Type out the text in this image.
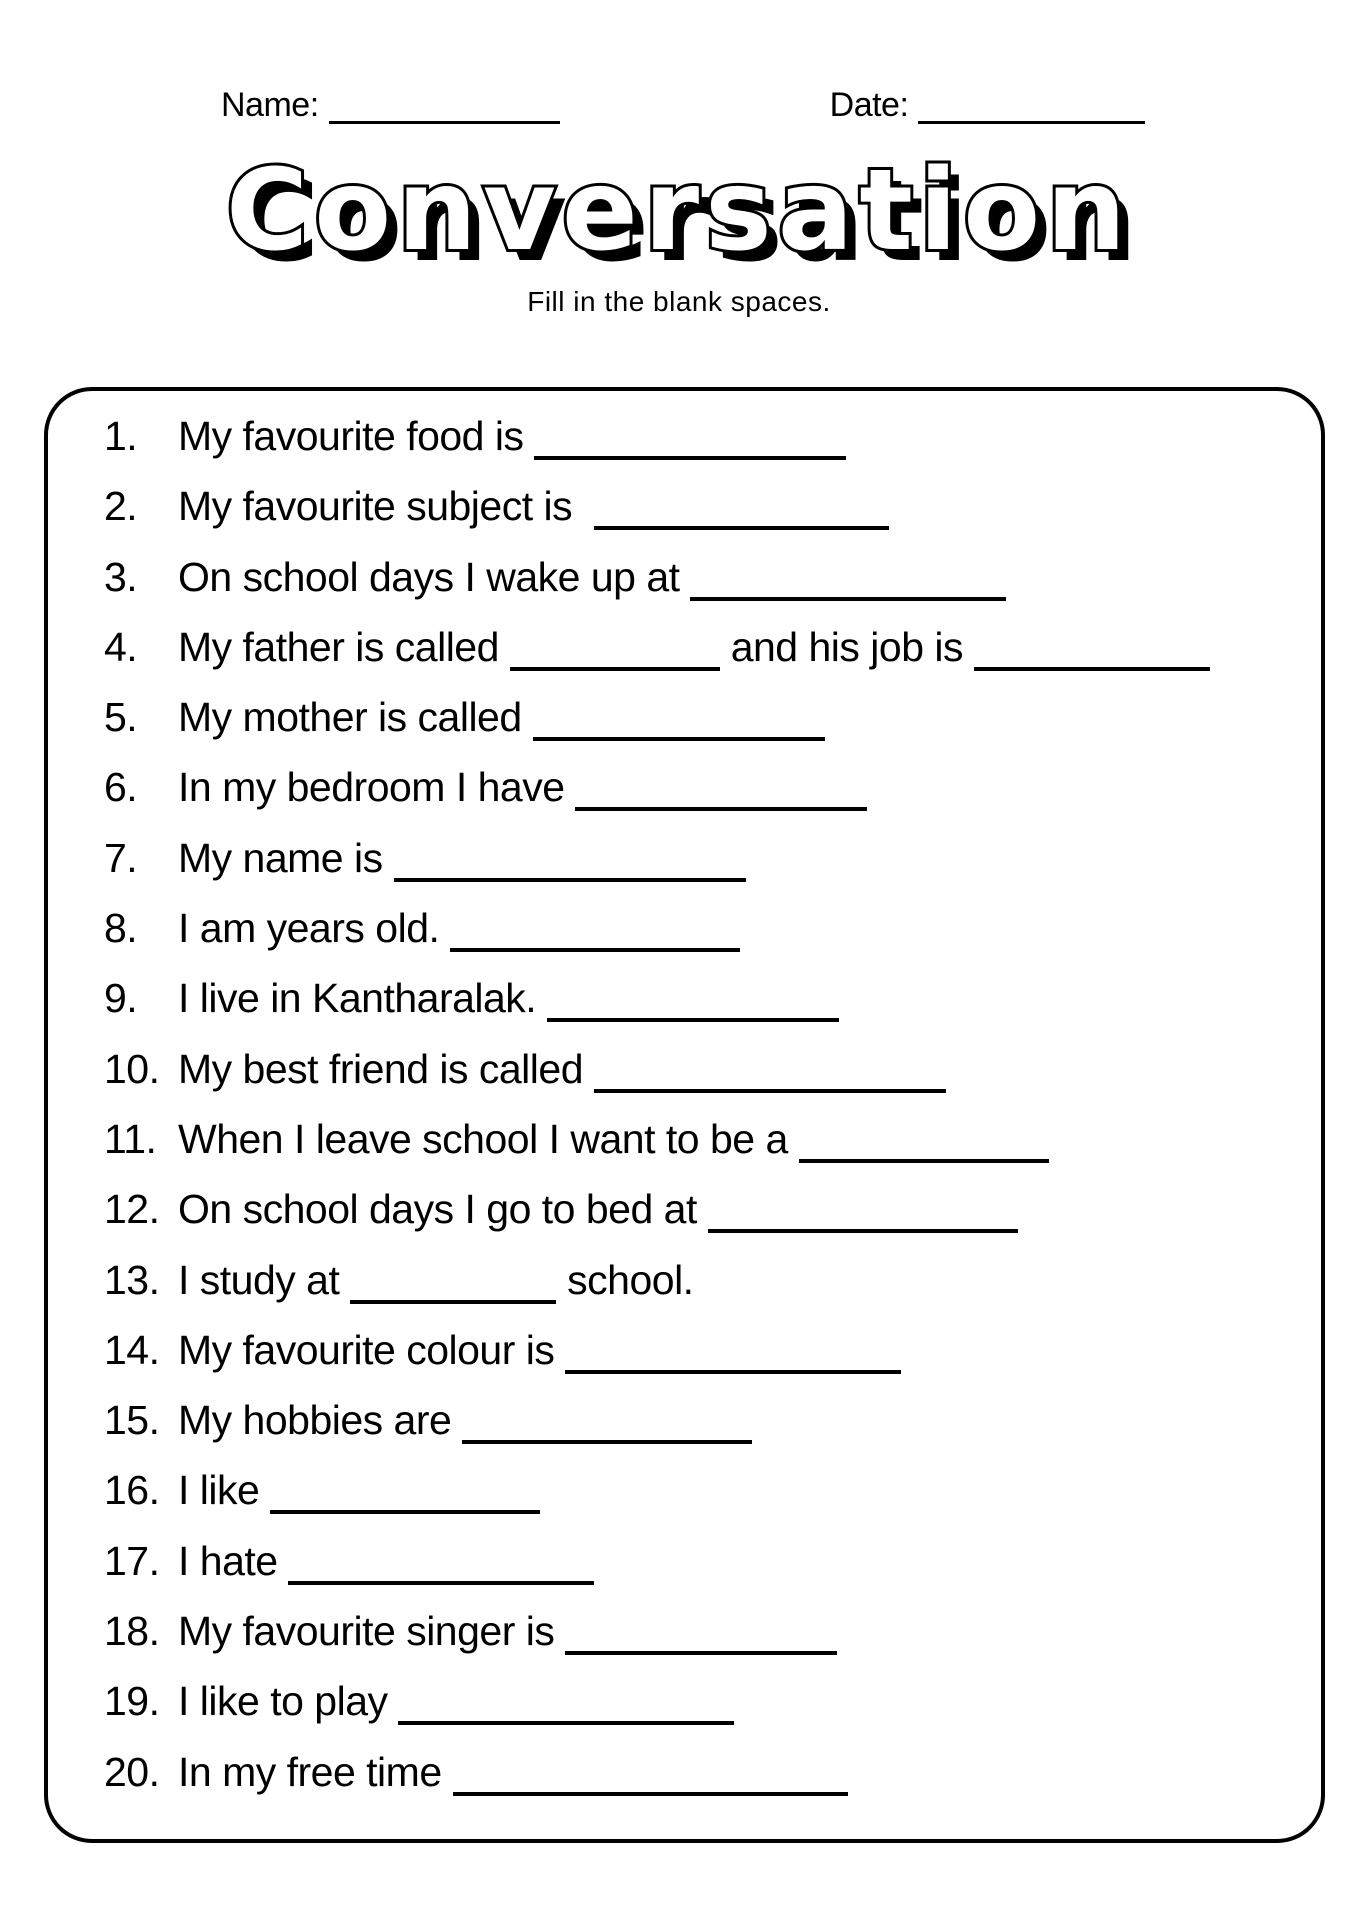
Name:	Date:

Conversation
Fill in the blank spaces.
1. My favourite food is
2. My favourite subject is
3. On school days I wake up at
4. My father is called	and his job is
5. My mother is called
6. In my bedroom I have
7. My name is
8. I am years old.
9. I live in Kantharalak.
10. My best friend is called
11. When I leave school I want to be a
12. On school days I go to bed at
13. I study at	school.
14. My favourite colour is
15. My hobbies are
16. I like
17. I hate
18. My favourite singer is
19. I like to play
20. In my free time
